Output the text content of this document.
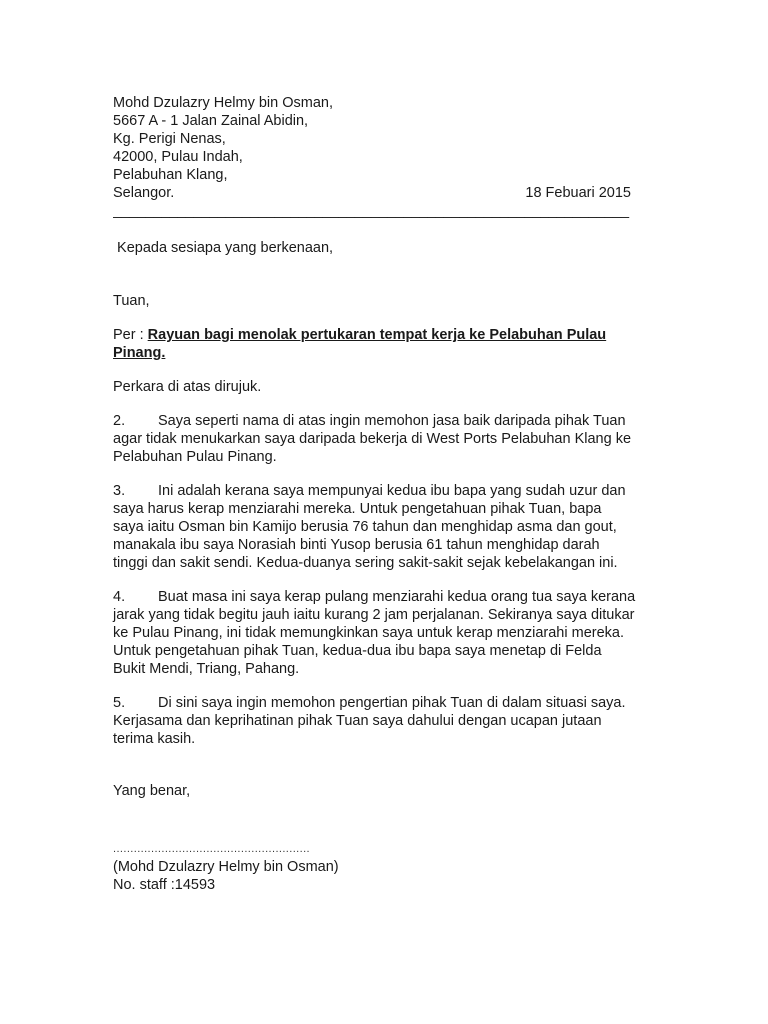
Mohd Dzulazry Helmy bin Osman,
5667 A - 1 Jalan Zainal Abidin,
Kg. Perigi Nenas,
42000, Pulau Indah,
Pelabuhan Klang,
Selangor.	18 Febuari 2015
________________________________________________________________
Kepada sesiapa yang berkenaan,
Tuan,
Per : Rayuan bagi menolak pertukaran tempat kerja ke Pelabuhan Pulau
Pinang.
Perkara di atas dirujuk.
2. Saya seperti nama di atas ingin memohon jasa baik daripada pihak Tuan
agar tidak menukarkan saya daripada bekerja di West Ports Pelabuhan Klang ke
Pelabuhan Pulau Pinang.
3. Ini adalah kerana saya mempunyai kedua ibu bapa yang sudah uzur dan
saya harus kerap menziarahi mereka. Untuk pengetahuan pihak Tuan, bapa
saya iaitu Osman bin Kamijo berusia 76 tahun dan menghidap asma dan gout,
manakala ibu saya Norasiah binti Yusop berusia 61 tahun menghidap darah
tinggi dan sakit sendi. Kedua-duanya sering sakit-sakit sejak kebelakangan ini.
4. Buat masa ini saya kerap pulang menziarahi kedua orang tua saya kerana
jarak yang tidak begitu jauh iaitu kurang 2 jam perjalanan. Sekiranya saya ditukar
ke Pulau Pinang, ini tidak memungkinkan saya untuk kerap menziarahi mereka.
Untuk pengetahuan pihak Tuan, kedua-dua ibu bapa saya menetap di Felda
Bukit Mendi, Triang, Pahang.
5. Di sini saya ingin memohon pengertian pihak Tuan di dalam situasi saya.
Kerjasama dan keprihatinan pihak Tuan saya dahului dengan ucapan jutaan
terima kasih.
Yang benar,
.........................................................
(Mohd Dzulazry Helmy bin Osman)
No. staff :14593
